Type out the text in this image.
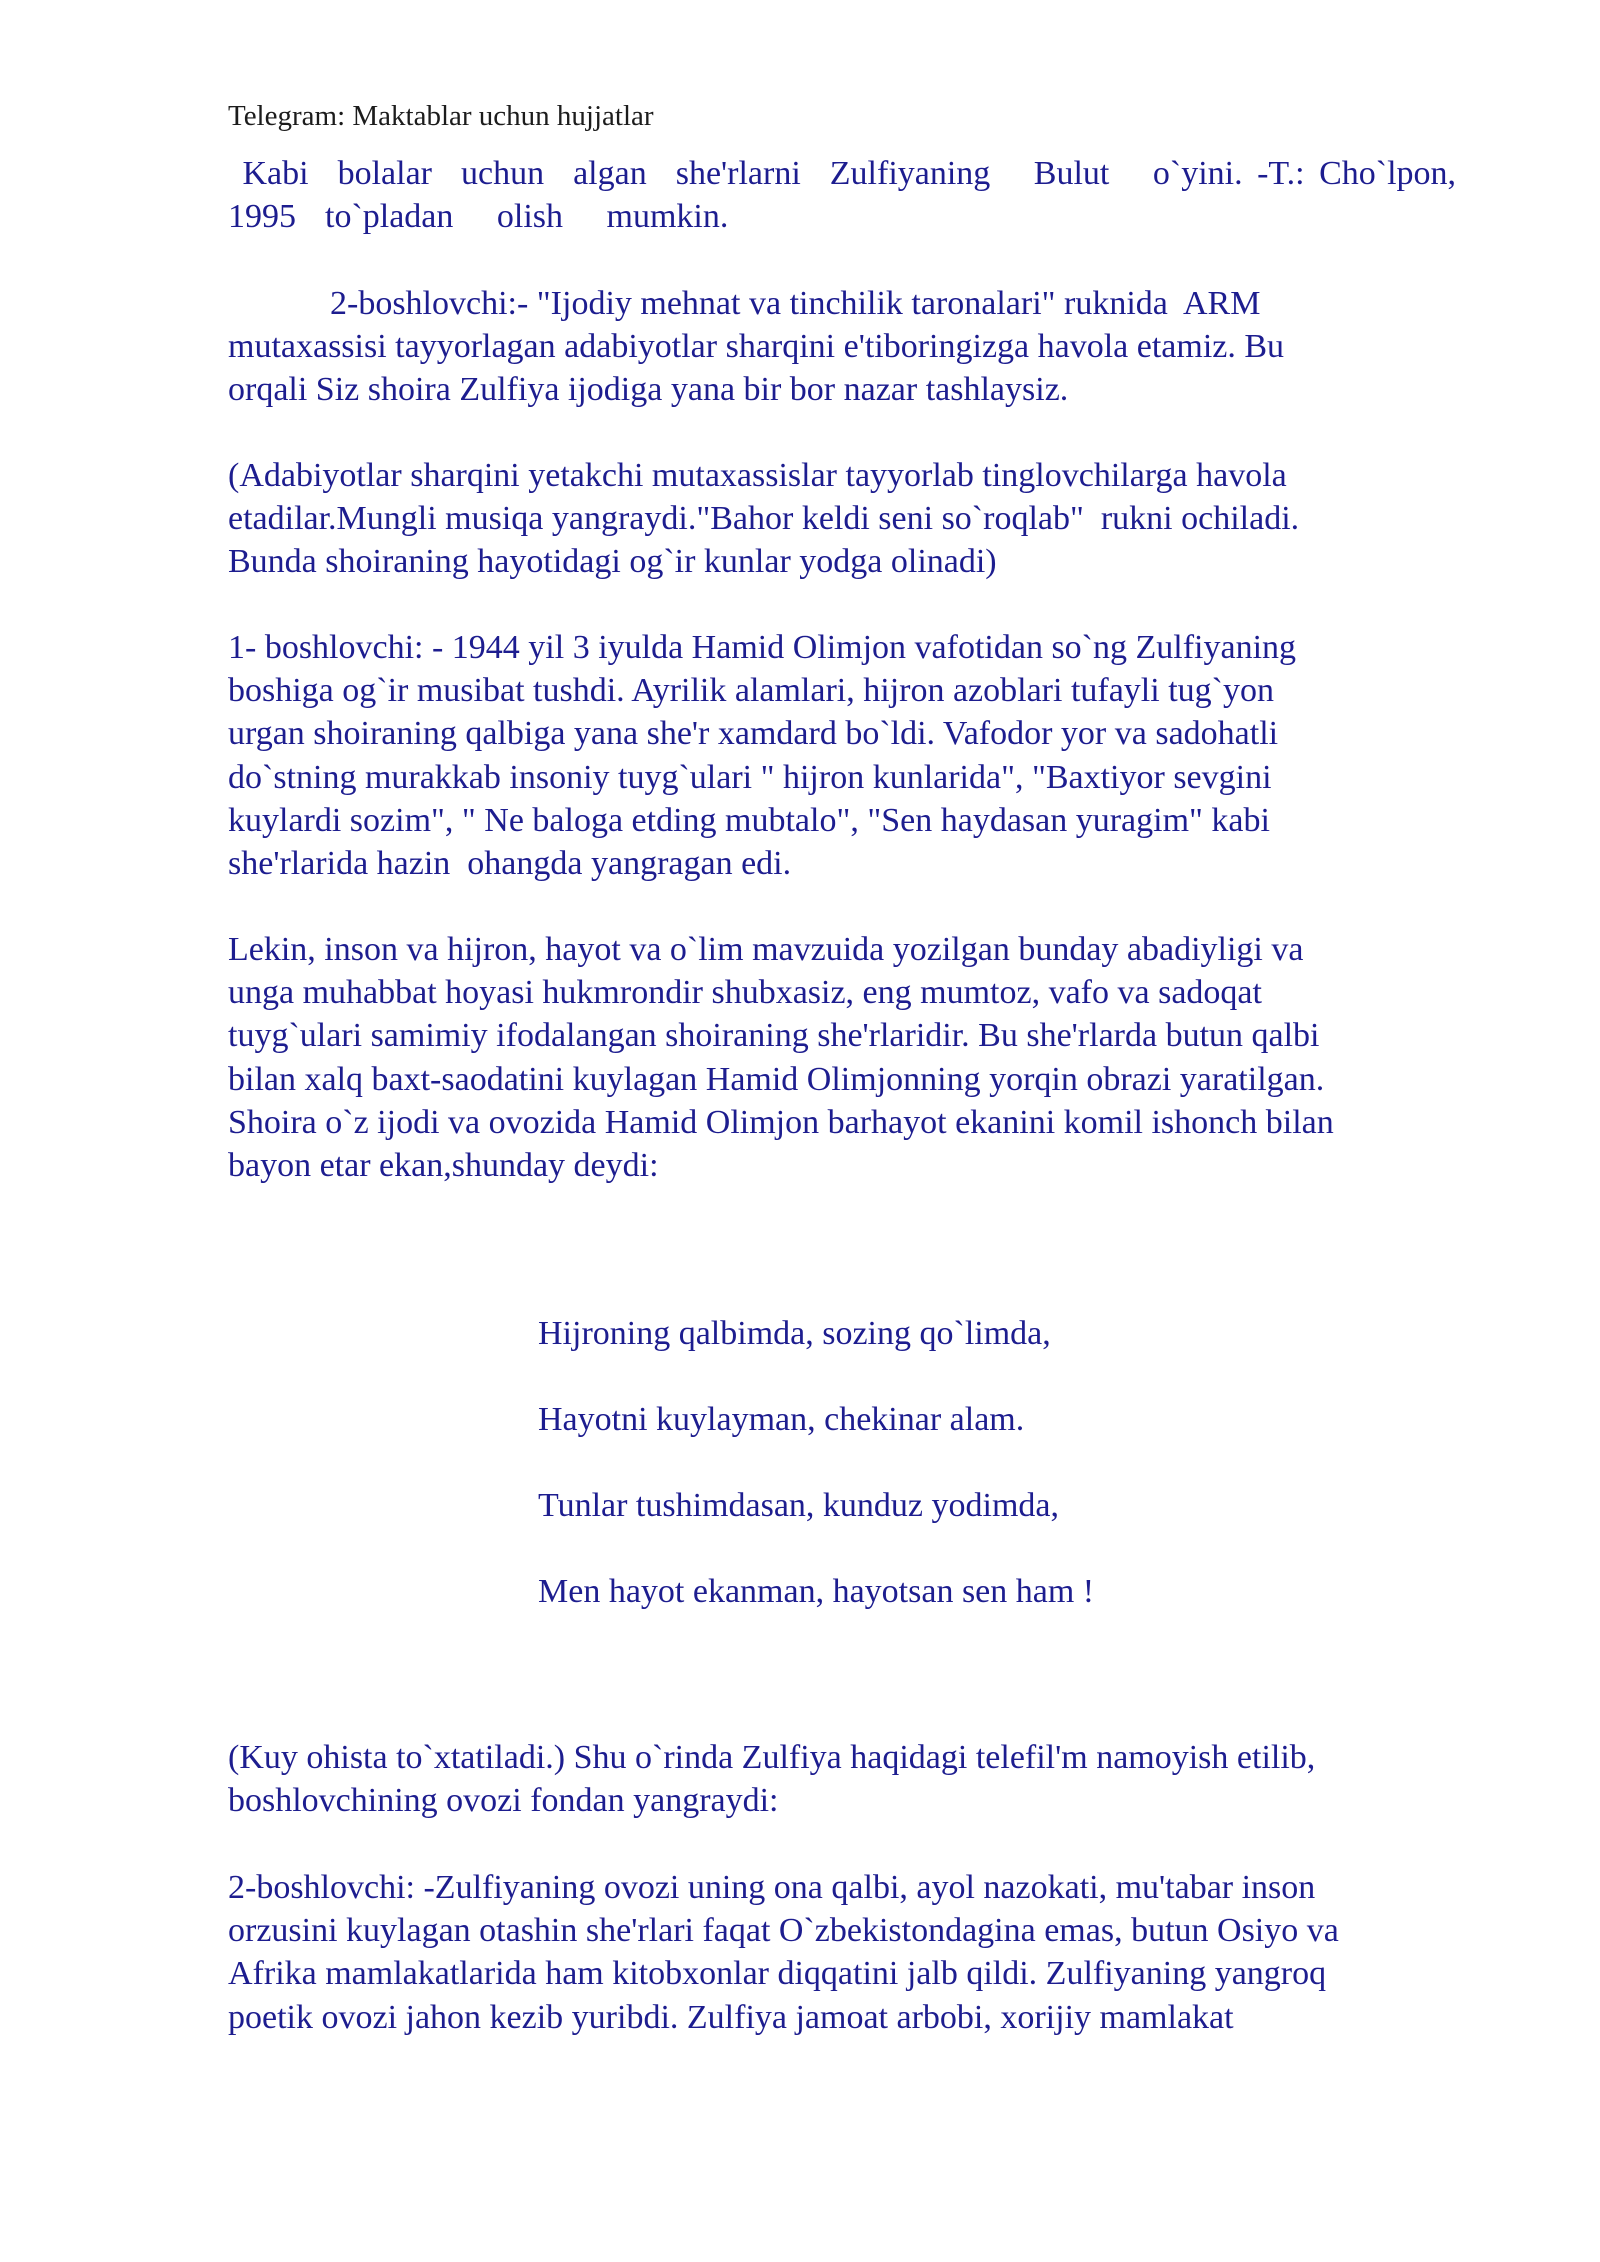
Telegram: Maktablar uchun hujjatlar
Kabi  bolalar  uchun  algan  she'rlarni  Zulfiyaning   Bulut   o`yini. -T.: Cho`lpon,
1995  to`pladan   olish   mumkin.
2-boshlovchi:- "Ijodiy mehnat va tinchilik taronalari" ruknida  ARM
mutaxassisi tayyorlagan adabiyotlar sharqini e'tiboringizga havola etamiz. Bu
orqali Siz shoira Zulfiya ijodiga yana bir bor nazar tashlaysiz.
(Adabiyotlar sharqini yetakchi mutaxassislar tayyorlab tinglovchilarga havola
etadilar.Mungli musiqa yangraydi."Bahor keldi seni so`roqlab"  rukni ochiladi.
Bunda shoiraning hayotidagi og`ir kunlar yodga olinadi)
1- boshlovchi: - 1944 yil 3 iyulda Hamid Olimjon vafotidan so`ng Zulfiyaning
boshiga og`ir musibat tushdi. Ayrilik alamlari, hijron azoblari tufayli tug`yon
urgan shoiraning qalbiga yana she'r xamdard bo`ldi. Vafodor yor va sadohatli
do`stning murakkab insoniy tuyg`ulari " hijron kunlarida", "Baxtiyor sevgini
kuylardi sozim", " Ne baloga etding mubtalo", "Sen haydasan yuragim" kabi
she'rlarida hazin  ohangda yangragan edi.
Lekin, inson va hijron, hayot va o`lim mavzuida yozilgan bunday abadiyligi va
unga muhabbat hoyasi hukmrondir shubxasiz, eng mumtoz, vafo va sadoqat
tuyg`ulari samimiy ifodalangan shoiraning she'rlaridir. Bu she'rlarda butun qalbi
bilan xalq baxt-saodatini kuylagan Hamid Olimjonning yorqin obrazi yaratilgan.
Shoira o`z ijodi va ovozida Hamid Olimjon barhayot ekanini komil ishonch bilan
bayon etar ekan,shunday deydi:
Hijroning qalbimda, sozing qo`limda,
Hayotni kuylayman, chekinar alam.
Tunlar tushimdasan, kunduz yodimda,
Men hayot ekanman, hayotsan sen ham !
(Kuy ohista to`xtatiladi.) Shu o`rinda Zulfiya haqidagi telefil'm namoyish etilib,
boshlovchining ovozi fondan yangraydi:
2-boshlovchi: -Zulfiyaning ovozi uning ona qalbi, ayol nazokati, mu'tabar inson
orzusini kuylagan otashin she'rlari faqat O`zbekistondagina emas, butun Osiyo va
Afrika mamlakatlarida ham kitobxonlar diqqatini jalb qildi. Zulfiyaning yangroq
poetik ovozi jahon kezib yuribdi. Zulfiya jamoat arbobi, xorijiy mamlakat
